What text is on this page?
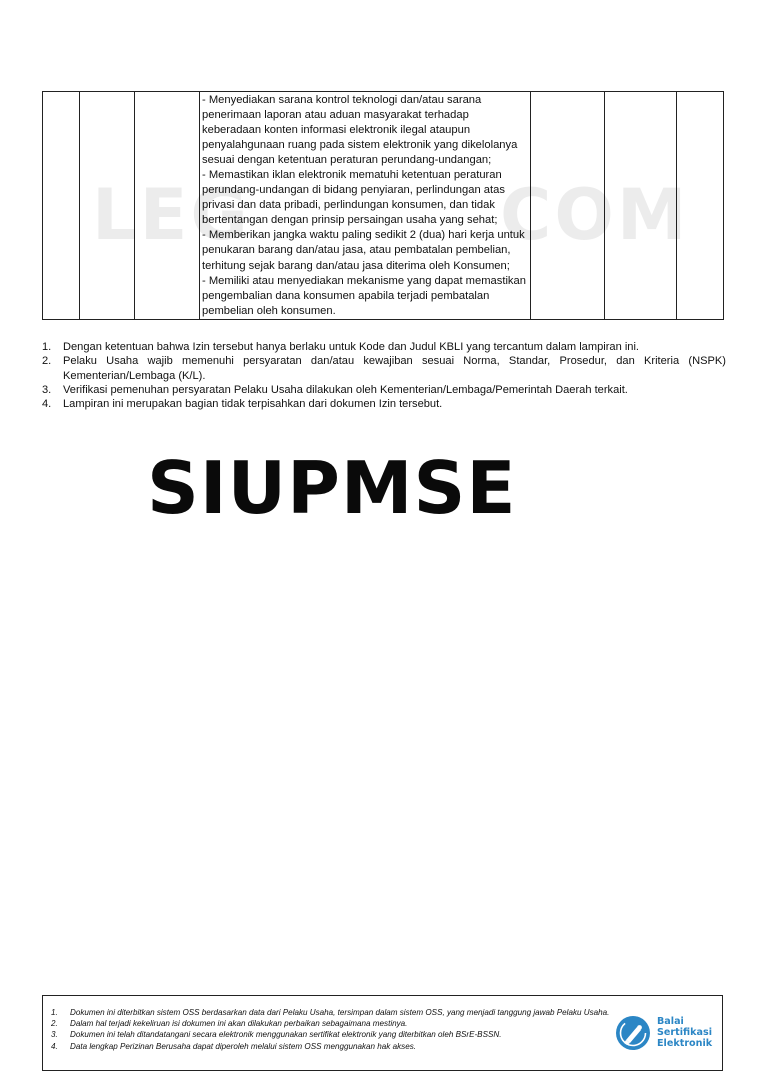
- Menyediakan sarana kontrol teknologi dan/atau sarana penerimaan laporan atau aduan masyarakat terhadap keberadaan konten informasi elektronik ilegal ataupun penyalahgunaan ruang pada sistem elektronik yang dikelolanya sesuai dengan ketentuan peraturan perundang-undangan;

- Memastikan iklan elektronik mematuhi ketentuan peraturan perundang-undangan di bidang penyiaran, perlindungan atas privasi dan data pribadi, perlindungan konsumen, dan tidak bertentangan dengan prinsip persaingan usaha yang sehat;

- Memberikan jangka waktu paling sedikit 2 (dua) hari kerja untuk penukaran barang dan/atau jasa, atau pembatalan pembelian, terhitung sejak barang dan/atau jasa diterima oleh Konsumen;

- Memiliki atau menyediakan mekanisme yang dapat memastikan pengembalian dana konsumen apabila terjadi pembatalan pembelian oleh konsumen.

LEG	COM
1. Dengan ketentuan bahwa Izin tersebut hanya berlaku untuk Kode dan Judul KBLI yang tercantum dalam lampiran ini.
2. Pelaku Usaha wajib memenuhi persyaratan dan/atau kewajiban sesuai Norma, Standar, Prosedur, dan Kriteria (NSPK) Kementerian/Lembaga (K/L).
3. Verifikasi pemenuhan persyaratan Pelaku Usaha dilakukan oleh Kementerian/Lembaga/Pemerintah Daerah terkait.
4. Lampiran ini merupakan bagian tidak terpisahkan dari dokumen Izin tersebut.
SIUPMSE
1. Dokumen ini diterbitkan sistem OSS berdasarkan data dari Pelaku Usaha, tersimpan dalam sistem OSS, yang menjadi tanggung jawab Pelaku Usaha.
2. Dalam hal terjadi kekeliruan isi dokumen ini akan dilakukan perbaikan sebagaimana mestinya.
3. Dokumen ini telah ditandatangani secara elektronik menggunakan sertifikat elektronik yang diterbitkan oleh BSrE-BSSN.
4. Data lengkap Perizinan Berusaha dapat diperoleh melalui sistem OSS menggunakan hak akses.
Balai
Sertifikasi
Elektronik
